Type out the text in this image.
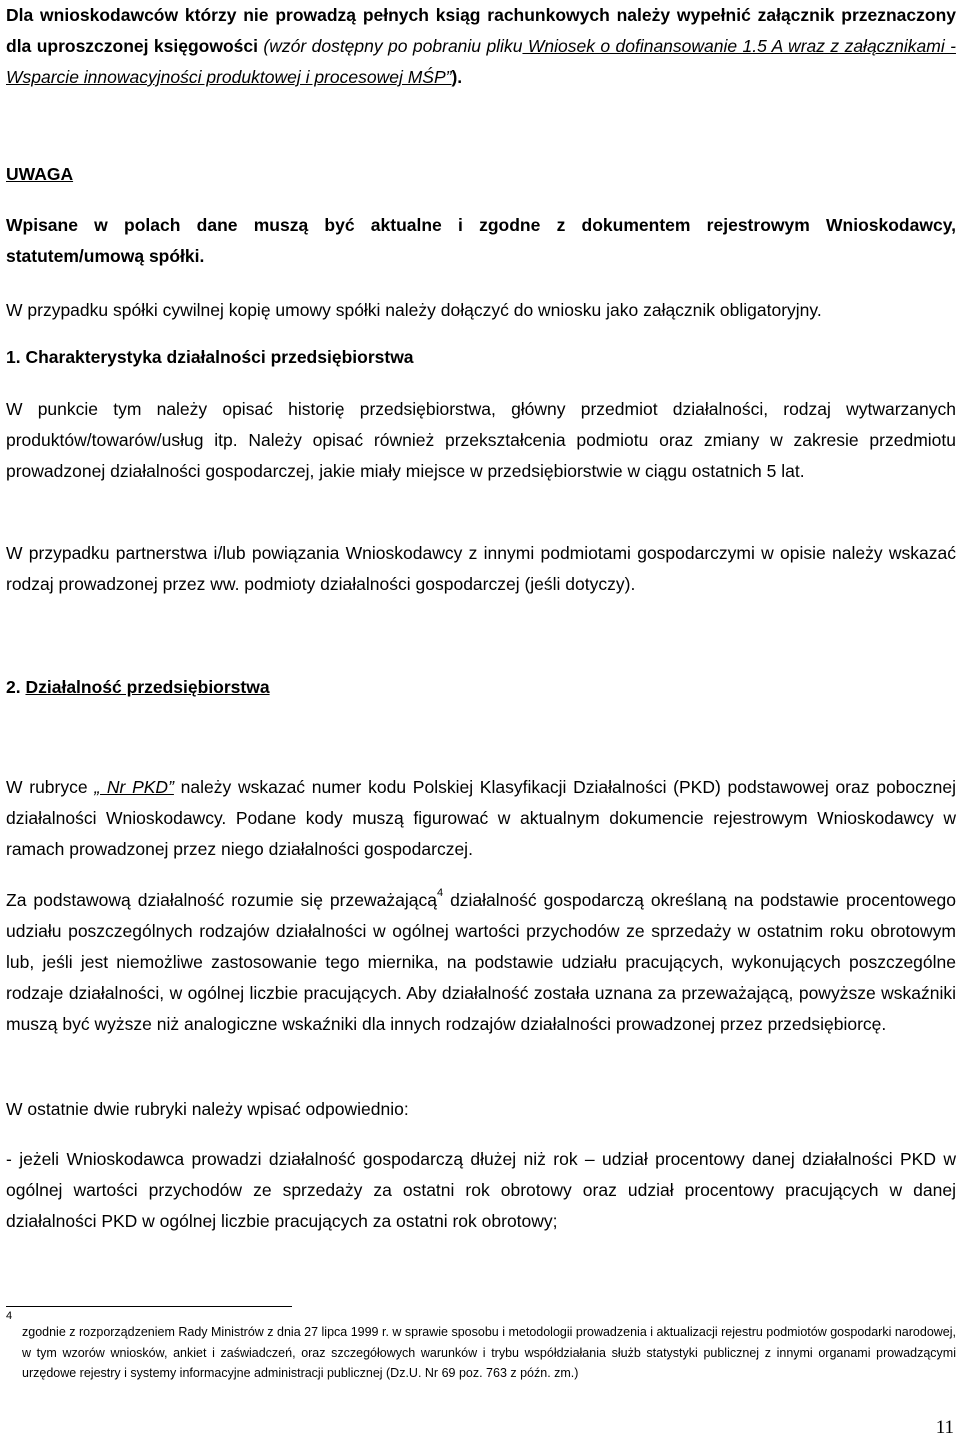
Dla wnioskodawców którzy nie prowadzą pełnych ksiąg rachunkowych należy wypełnić załącznik przeznaczony dla uproszczonej księgowości (wzór dostępny po pobraniu pliku Wniosek o dofinansowanie 1.5 A wraz z załącznikami - Wsparcie innowacyjności produktowej i procesowej MŚP”).

UWAGA

Wpisane w polach dane muszą być aktualne i zgodne z dokumentem rejestrowym Wnioskodawcy, statutem/umową spółki.

W przypadku spółki cywilnej kopię umowy spółki należy dołączyć do wniosku jako załącznik obligatoryjny.

1. Charakterystyka działalności przedsiębiorstwa

W punkcie tym należy opisać historię przedsiębiorstwa, główny przedmiot działalności, rodzaj wytwarzanych produktów/towarów/usług itp. Należy opisać również przekształcenia podmiotu oraz zmiany w zakresie przedmiotu prowadzonej działalności gospodarczej, jakie miały miejsce w przedsiębiorstwie w ciągu ostatnich 5 lat.

W przypadku partnerstwa i/lub powiązania Wnioskodawcy z innymi podmiotami gospodarczymi w opisie należy wskazać rodzaj prowadzonej przez ww. podmioty działalności gospodarczej (jeśli dotyczy).

2. Działalność przedsiębiorstwa

W rubryce „ Nr PKD” należy wskazać numer kodu Polskiej Klasyfikacji Działalności (PKD) podstawowej oraz pobocznej działalności Wnioskodawcy. Podane kody muszą figurować w aktualnym dokumencie rejestrowym Wnioskodawcy w ramach prowadzonej przez niego działalności gospodarczej.

Za podstawową działalność rozumie się przeważającą$^4$ działalność gospodarczą określaną na podstawie procentowego udziału poszczególnych rodzajów działalności w ogólnej wartości przychodów ze sprzedaży w ostatnim roku obrotowym lub, jeśli jest niemożliwe zastosowanie tego miernika, na podstawie udziału pracujących, wykonujących poszczególne rodzaje działalności, w ogólnej liczbie pracujących. Aby działalność została uznana za przeważającą, powyższe wskaźniki muszą być wyższe niż analogiczne wskaźniki dla innych rodzajów działalności prowadzonej przez przedsiębiorcę.

W ostatnie dwie rubryki należy wpisać odpowiednio:

- jeżeli Wnioskodawca prowadzi działalność gospodarczą dłużej niż rok – udział procentowy danej działalności PKD w ogólnej wartości przychodów ze sprzedaży za ostatni rok obrotowy oraz udział procentowy pracujących w danej działalności PKD w ogólnej liczbie pracujących za ostatni rok obrotowy;

4

zgodnie z rozporządzeniem Rady Ministrów z dnia 27 lipca 1999 r. w sprawie sposobu i metodologii prowadzenia i aktualizacji rejestru podmiotów gospodarki narodowej, w tym wzorów wniosków, ankiet i zaświadczeń, oraz szczegółowych warunków i trybu współdziałania służb statystyki publicznej z innymi organami prowadzącymi urzędowe rejestry i systemy informacyjne administracji publicznej (Dz.U. Nr 69 poz. 763 z późn. zm.)

11
